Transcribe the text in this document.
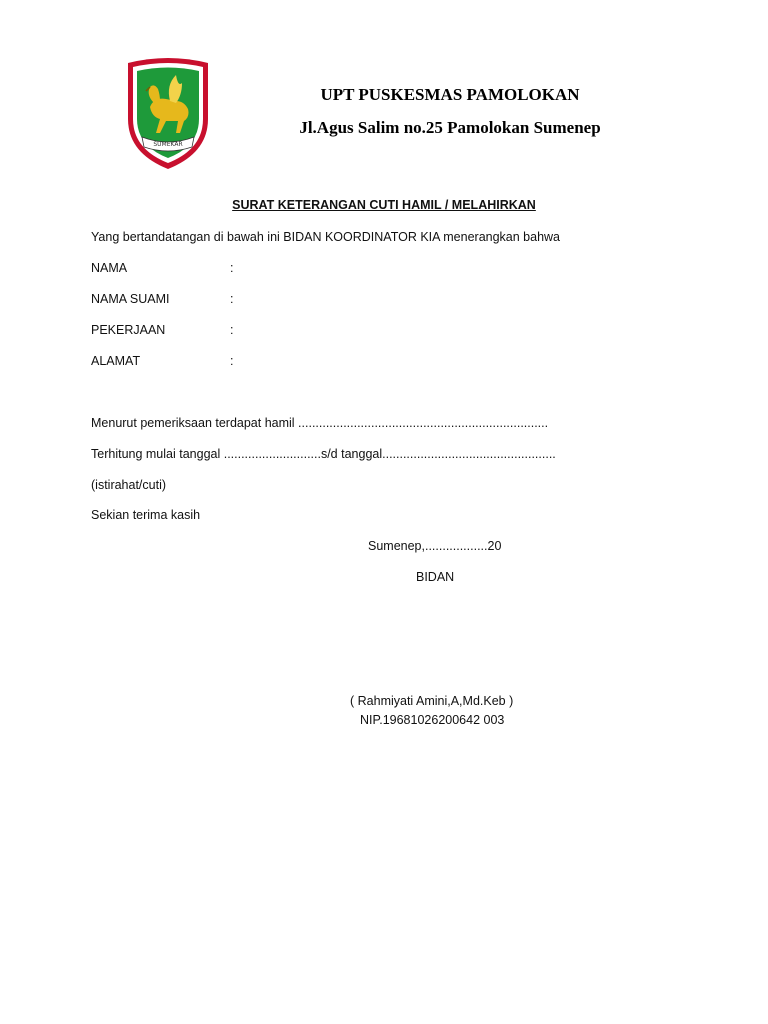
SUMEKAR
UPT PUSKESMAS PAMOLOKAN
Jl.Agus Salim no.25 Pamolokan Sumenep
SURAT KETERANGAN CUTI HAMIL / MELAHIRKAN
Yang bertandatangan di bawah ini BIDAN KOORDINATOR KIA menerangkan bahwa
NAMA	:
NAMA SUAMI	:
PEKERJAAN	:
ALAMAT	:
Menurut pemeriksaan terdapat hamil ........................................................................
Terhitung mulai tanggal ............................s/d tanggal..................................................
(istirahat/cuti)
Sekian terima kasih
Sumenep,..................20
BIDAN
( Rahmiyati Amini,A,Md.Keb )
NIP.19681026200642 003
